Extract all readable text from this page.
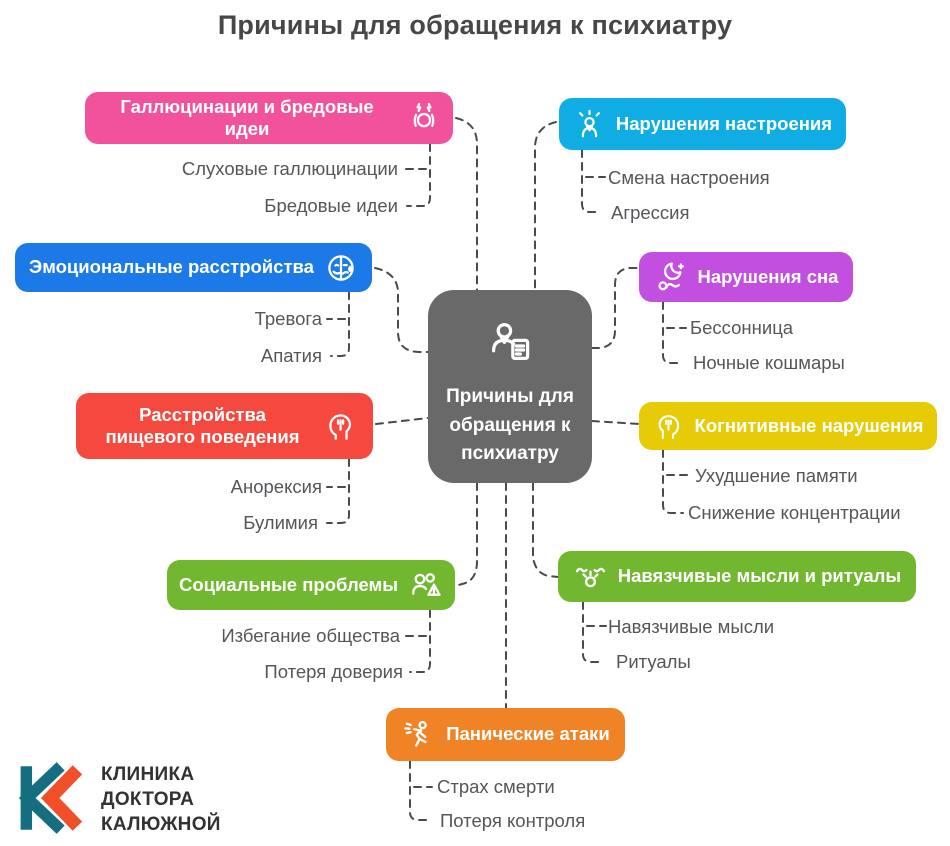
Причины для обращения к психиатру
Причины для обращения к психиатру
Галлюцинации и бредовые идеи
Слуховые галлюцинации
Бредовые идеи
Нарушения настроения
Смена настроения
Агрессия
Эмоциональные расстройства
Тревога
Апатия
Нарушения сна
Бессонница
Ночные кошмары
Расстройства пищевого поведения
Анорексия
Булимия
Когнитивные нарушения
Ухудшение памяти
Снижение концентрации
Социальные проблемы
Избегание общества
Потеря доверия
Навязчивые мысли и ритуалы
Навязчивые мысли
Ритуалы
Панические атаки
Страх смерти
Потеря контроля
КЛИНИКА
ДОКТОРА
КАЛЮЖНОЙ
